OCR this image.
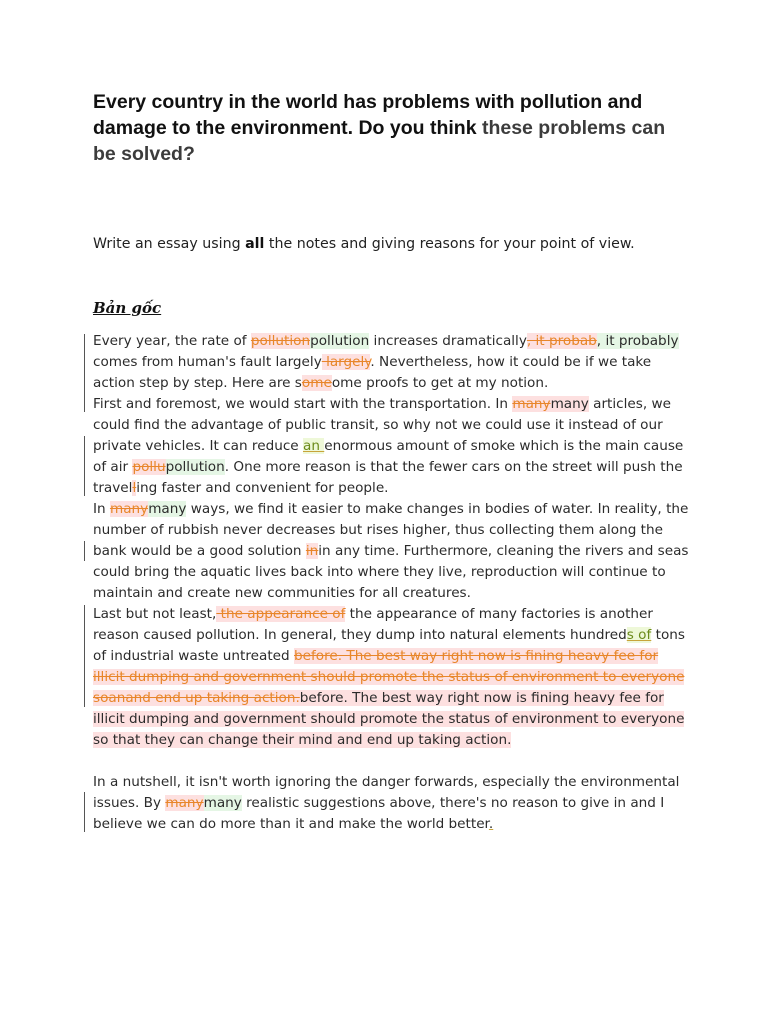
Every country in the world has problems with pollution and damage to the environment. Do you think these problems can be solved?
Write an essay using all the notes and giving reasons for your point of view.
Bản gốc

Every year, the rate of pollutionpollution increases dramatically, it probab, it probably comes from human's fault largely largely. Nevertheless, how it could be if we take action step by step. Here are someome proofs to get at my notion.

First and foremost, we would start with the transportation. In manymany articles, we could find the advantage of public transit, so why not we could use it instead of our private vehicles. It can reduce an enormous amount of smoke which is the main cause of air pollupollution. One more reason is that the fewer cars on the street will push the travelling faster and convenient for people.

In manymany ways, we find it easier to make changes in bodies of water. In reality, the number of rubbish never decreases but rises higher, thus collecting them along the bank would be a good solution inin any time. Furthermore, cleaning the rivers and seas could bring the aquatic lives back into where they live, reproduction will continue to maintain and create new communities for all creatures.

Last but not least, the appearance of the appearance of many factories is another reason caused pollution. In general, they dump into natural elements hundreds of tons of industrial waste untreated before. The best way right now is fining heavy fee for illicit dumping and government should promote the status of environment to everyone soanand end up taking action.before. The best way right now is fining heavy fee for illicit dumping and government should promote the status of environment to everyone so that they can change their mind and end up taking action.

In a nutshell, it isn't worth ignoring the danger forwards, especially the environmental issues. By manymany realistic suggestions above, there's no reason to give in and I believe we can do more than it and make the world better.
